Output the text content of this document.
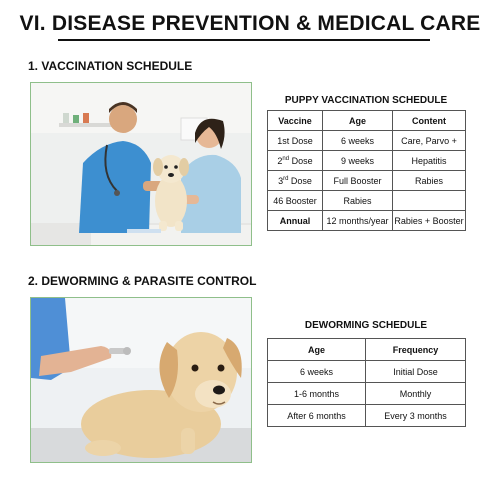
VI. DISEASE PREVENTION & MEDICAL CARE
1. VACCINATION SCHEDULE
PUPPY VACCINATION SCHEDULE
Vaccine	Age	Content
1st Dose	6 weeks	Care, Parvo +
2nd Dose	9 weeks	Hepatitis
3rd Dose	Full Booster	Rabies
46 Booster	Rabies	
Annual	12 months/year	Rabies + Booster
2. DEWORMING & PARASITE CONTROL
DEWORMING SCHEDULE
Age	Frequency
6 weeks	Initial Dose
1-6 months	Monthly
After 6 months	Every 3 months
